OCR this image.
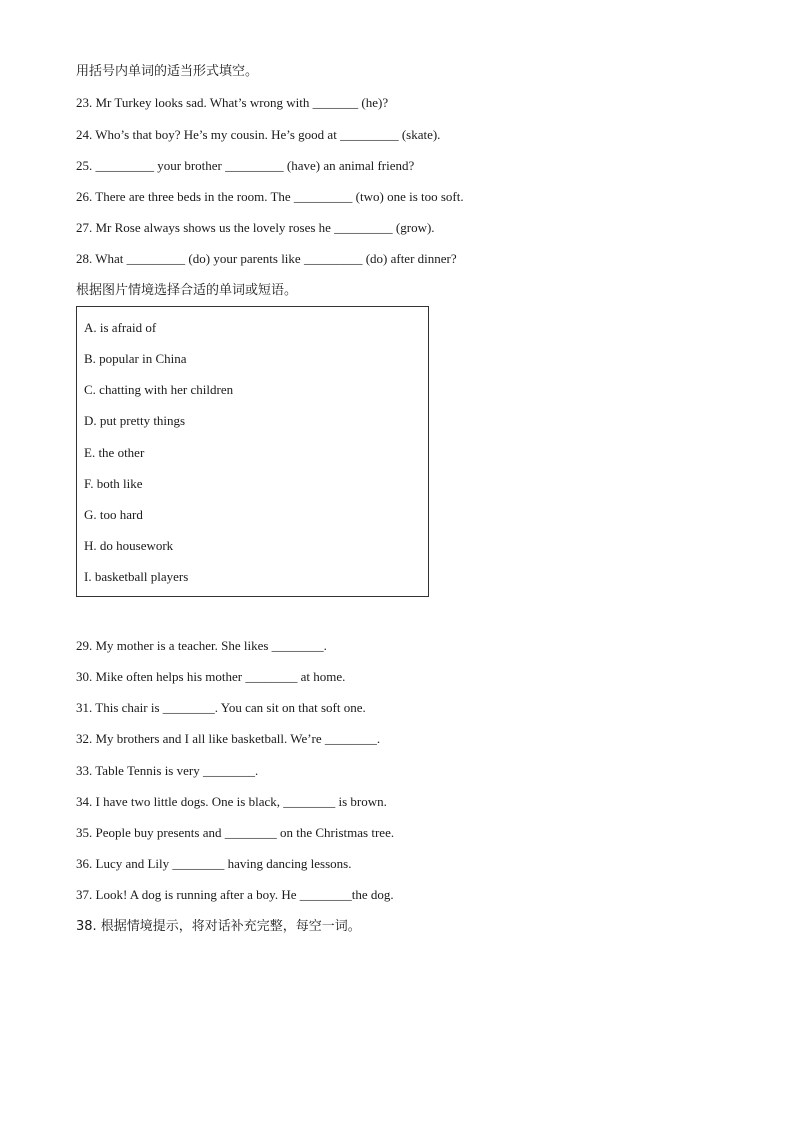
用括号内单词的适当形式填空。
23. Mr Turkey looks sad. What’s wrong with _______ (he)?
24. Who’s that boy? He’s my cousin. He’s good at _________ (skate).
25. _________ your brother _________ (have) an animal friend?
26. There are three beds in the room. The _________ (two) one is too soft.
27. Mr Rose always shows us the lovely roses he _________ (grow).
28. What _________ (do) your parents like _________ (do) after dinner?
根据图片情境选择合适的单词或短语。
A. is afraid of
B. popular in China
C. chatting with her children
D. put pretty things
E. the other
F. both like
G. too hard
H. do housework
I. basketball players
29. My mother is a teacher. She likes ________.
30. Mike often helps his mother ________ at home.
31. This chair is ________. You can sit on that soft one.
32. My brothers and I all like basketball. We’re ________.
33. Table Tennis is very ________.
34. I have two little dogs. One is black, ________ is brown.
35. People buy presents and ________ on the Christmas tree.
36. Lucy and Lily ________ having dancing lessons.
37. Look! A dog is running after a boy. He ________the dog.
38. 根据情境提示，将对话补充完整，每空一词。
